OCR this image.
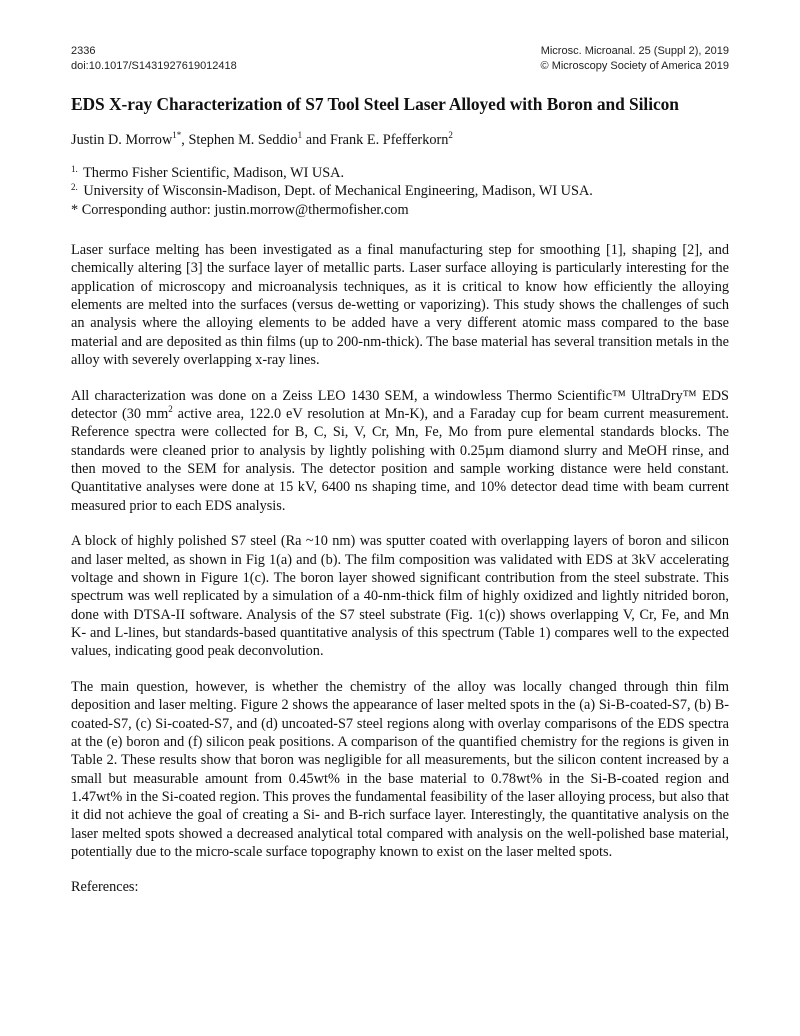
2336
doi:10.1017/S1431927619012418
Microsc. Microanal. 25 (Suppl 2), 2019
© Microscopy Society of America 2019
EDS X-ray Characterization of S7 Tool Steel Laser Alloyed with Boron and Silicon
Justin D. Morrow$^{1*}$, Stephen M. Seddio$^1$ and Frank E. Pfefferkorn$^2$
$^{1.}$ Thermo Fisher Scientific, Madison, WI USA.
$^{2.}$ University of Wisconsin-Madison, Dept. of Mechanical Engineering, Madison, WI USA.
* Corresponding author: justin.morrow@thermofisher.com

Laser surface melting has been investigated as a final manufacturing step for smoothing [1], shaping [2], and chemically altering [3] the surface layer of metallic parts. Laser surface alloying is particularly interesting for the application of microscopy and microanalysis techniques, as it is critical to know how efficiently the alloying elements are melted into the surfaces (versus de-wetting or vaporizing). This study shows the challenges of such an analysis where the alloying elements to be added have a very different atomic mass compared to the base material and are deposited as thin films (up to 200-nm-thick). The base material has several transition metals in the alloy with severely overlapping x-ray lines.

All characterization was done on a Zeiss LEO 1430 SEM, a windowless Thermo Scientific™ UltraDry™ EDS detector (30 $mm^2$ active area, 122.0 eV resolution at Mn-K), and a Faraday cup for beam current measurement. Reference spectra were collected for B, C, Si, V, Cr, Mn, Fe, Mo from pure elemental standards blocks. The standards were cleaned prior to analysis by lightly polishing with 0.25µm diamond slurry and MeOH rinse, and then moved to the SEM for analysis. The detector position and sample working distance were held constant. Quantitative analyses were done at 15 kV, 6400 ns shaping time, and 10% detector dead time with beam current measured prior to each EDS analysis.

A block of highly polished S7 steel (Ra ~10 nm) was sputter coated with overlapping layers of boron and silicon and laser melted, as shown in Fig 1(a) and (b). The film composition was validated with EDS at 3kV accelerating voltage and shown in Figure 1(c). The boron layer showed significant contribution from the steel substrate. This spectrum was well replicated by a simulation of a 40-nm-thick film of highly oxidized and lightly nitrided boron, done with DTSA-II software. Analysis of the S7 steel substrate (Fig. 1(c)) shows overlapping V, Cr, Fe, and Mn K- and L-lines, but standards-based quantitative analysis of this spectrum (Table 1) compares well to the expected values, indicating good peak deconvolution.

The main question, however, is whether the chemistry of the alloy was locally changed through thin film deposition and laser melting. Figure 2 shows the appearance of laser melted spots in the (a) Si-B-coated-S7, (b) B-coated-S7, (c) Si-coated-S7, and (d) uncoated-S7 steel regions along with overlay comparisons of the EDS spectra at the (e) boron and (f) silicon peak positions. A comparison of the quantified chemistry for the regions is given in Table 2. These results show that boron was negligible for all measurements, but the silicon content increased by a small but measurable amount from 0.45wt% in the base material to 0.78wt% in the Si-B-coated region and 1.47wt% in the Si-coated region. This proves the fundamental feasibility of the laser alloying process, but also that it did not achieve the goal of creating a Si- and B-rich surface layer. Interestingly, the quantitative analysis on the laser melted spots showed a decreased analytical total compared with analysis on the well-polished base material, potentially due to the micro-scale surface topography known to exist on the laser melted spots.

References:
